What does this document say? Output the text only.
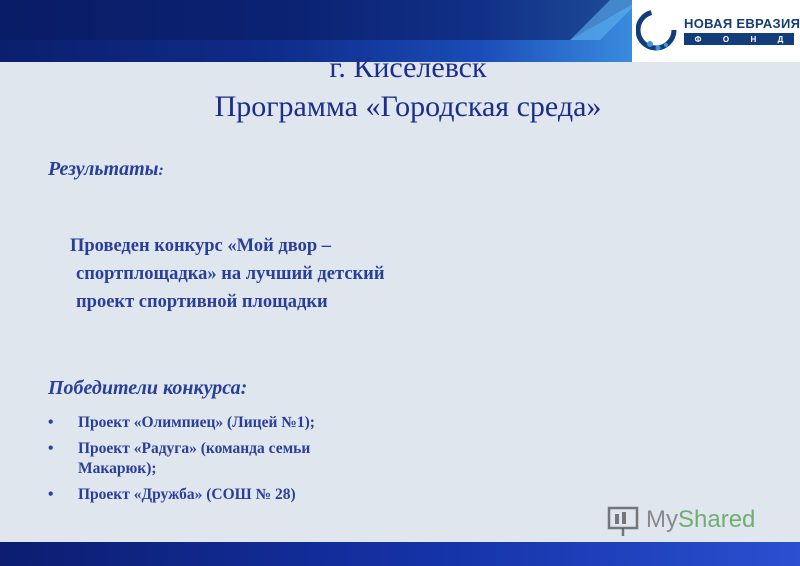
НОВАЯ ЕВРАЗИЯ
Ф	О	Н	Д
г. Киселевск
Программа «Городская среда»
Результаты:
Проведен конкурс «Мой двор – спортплощадка» на лучший детский проект спортивной площадки
Победители конкурса:
• Проект «Олимпиец» (Лицей №1);
• Проект «Радуга» (команда семьи Макарюк);
• Проект «Дружба» (СОШ № 28)
MyShared
